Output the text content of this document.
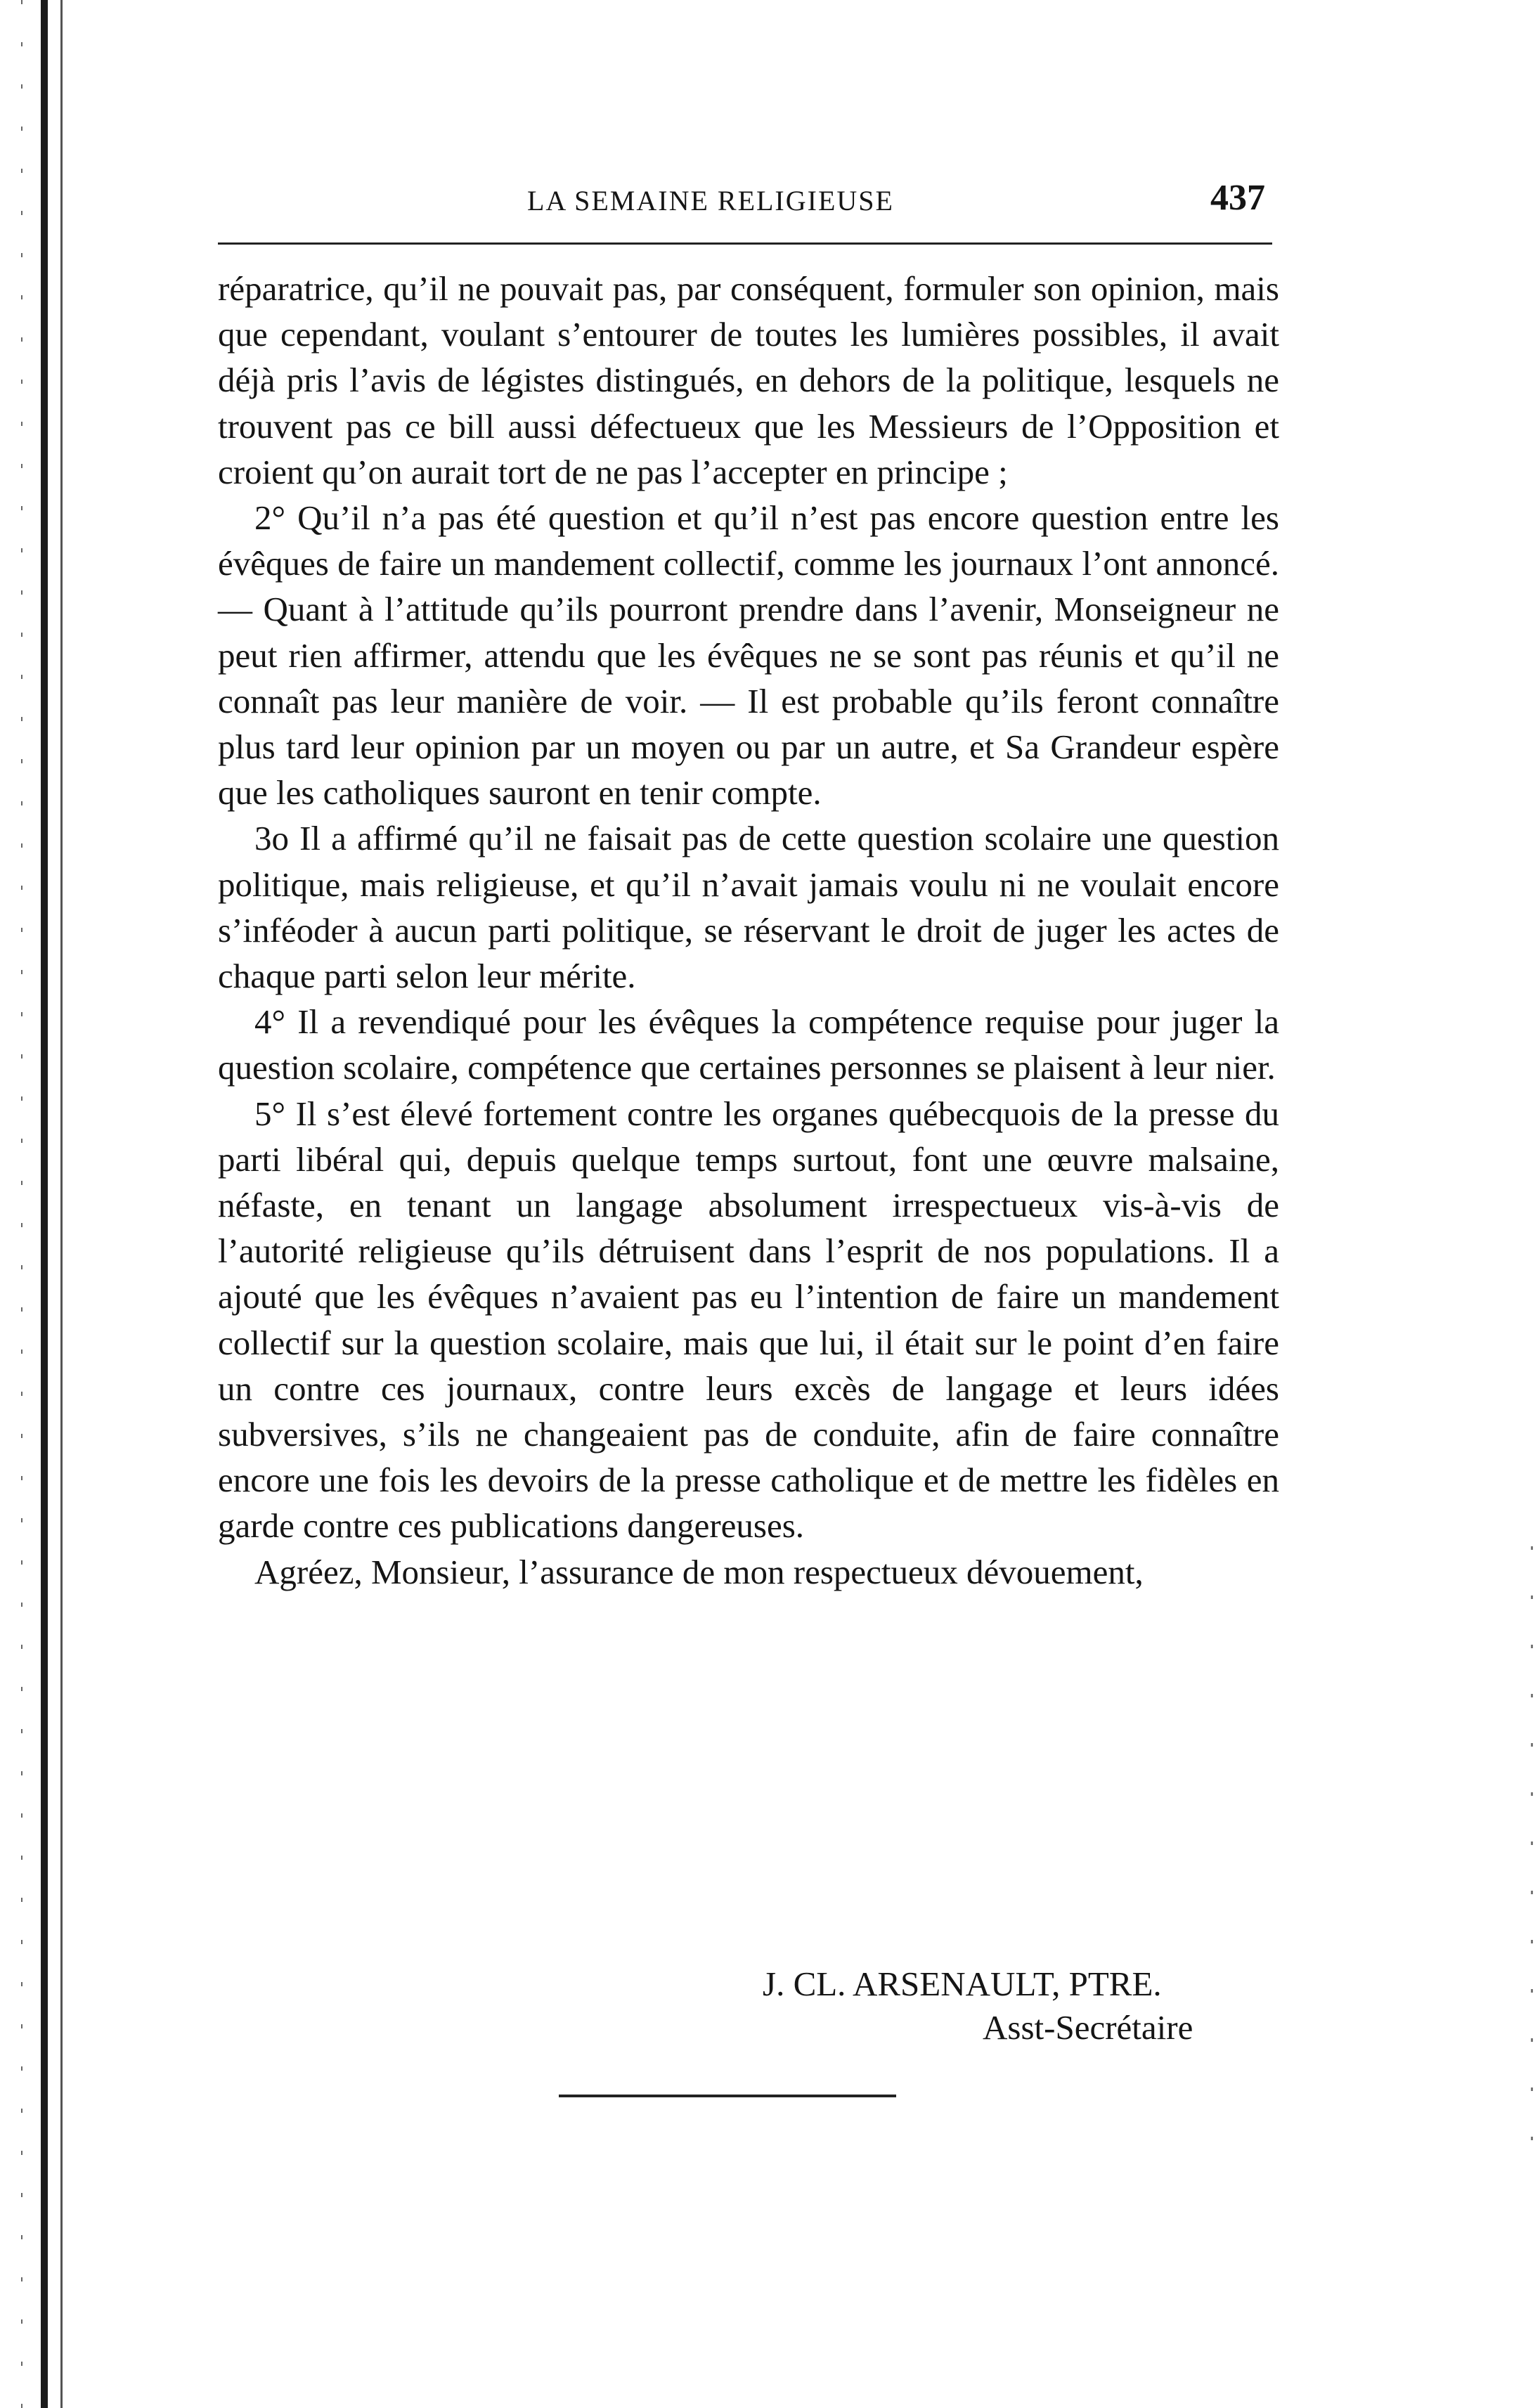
LA SEMAINE RELIGIEUSE	437

réparatrice, qu’il ne pouvait pas, par conséquent, formuler son opinion, mais que cependant, voulant s’entourer de toutes les lumières possibles, il avait déjà pris l’avis de légistes distingués, en dehors de la politique, lesquels ne trouvent pas ce bill aussi défectueux que les Messieurs de l’Opposition et croient qu’on aurait tort de ne pas l’accepter en principe ;

2° Qu’il n’a pas été question et qu’il n’est pas encore question entre les évêques de faire un mandement collectif, comme les journaux l’ont annoncé. — Quant à l’attitude qu’ils pourront prendre dans l’avenir, Monseigneur ne peut rien affirmer, attendu que les évêques ne se sont pas réunis et qu’il ne connaît pas leur manière de voir. — Il est probable qu’ils feront connaître plus tard leur opinion par un moyen ou par un autre, et Sa Grandeur espère que les catholiques sauront en tenir compte.

3o Il a affirmé qu’il ne faisait pas de cette question scolaire une question politique, mais religieuse, et qu’il n’avait jamais voulu ni ne voulait encore s’inféoder à aucun parti politique, se réservant le droit de juger les actes de chaque parti selon leur mérite.

4° Il a revendiqué pour les évêques la compétence requise pour juger la question scolaire, compétence que certaines personnes se plaisent à leur nier.

5° Il s’est élevé fortement contre les organes québecquois de la presse du parti libéral qui, depuis quelque temps surtout, font une œuvre malsaine, néfaste, en tenant un langage absolument irrespectueux vis-à-vis de l’autorité religieuse qu’ils détruisent dans l’esprit de nos populations. Il a ajouté que les évêques n’avaient pas eu l’intention de faire un mandement collectif sur la question scolaire, mais que lui, il était sur le point d’en faire un contre ces journaux, contre leurs excès de langage et leurs idées subversives, s’ils ne changeaient pas de conduite, afin de faire connaître encore une fois les devoirs de la presse catholique et de mettre les fidèles en garde contre ces publications dangereuses.

Agréez, Monsieur, l’assurance de mon respectueux dévouement,

J. CL. ARSENAULT, PTRE.
Asst-Secrétaire
